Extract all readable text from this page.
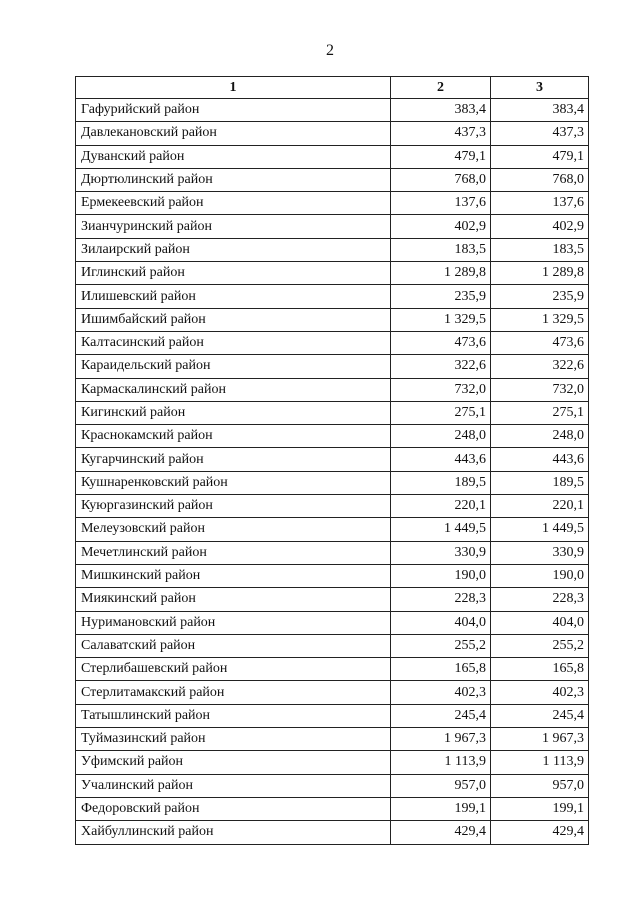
2
1	2	3
Гафурийский район	383,4	383,4
Давлекановский район	437,3	437,3
Дуванский район	479,1	479,1
Дюртюлинский район	768,0	768,0
Ермекеевский район	137,6	137,6
Зианчуринский район	402,9	402,9
Зилаирский район	183,5	183,5
Иглинский район	1 289,8	1 289,8
Илишевский район	235,9	235,9
Ишимбайский район	1 329,5	1 329,5
Калтасинский район	473,6	473,6
Караидельский район	322,6	322,6
Кармаскалинский район	732,0	732,0
Кигинский район	275,1	275,1
Краснокамский район	248,0	248,0
Кугарчинский район	443,6	443,6
Кушнаренковский район	189,5	189,5
Куюргазинский район	220,1	220,1
Мелеузовский район	1 449,5	1 449,5
Мечетлинский район	330,9	330,9
Мишкинский район	190,0	190,0
Миякинский район	228,3	228,3
Нуримановский район	404,0	404,0
Салаватский район	255,2	255,2
Стерлибашевский район	165,8	165,8
Стерлитамакский район	402,3	402,3
Татышлинский район	245,4	245,4
Туймазинский район	1 967,3	1 967,3
Уфимский район	1 113,9	1 113,9
Учалинский район	957,0	957,0
Федоровский район	199,1	199,1
Хайбуллинский район	429,4	429,4
